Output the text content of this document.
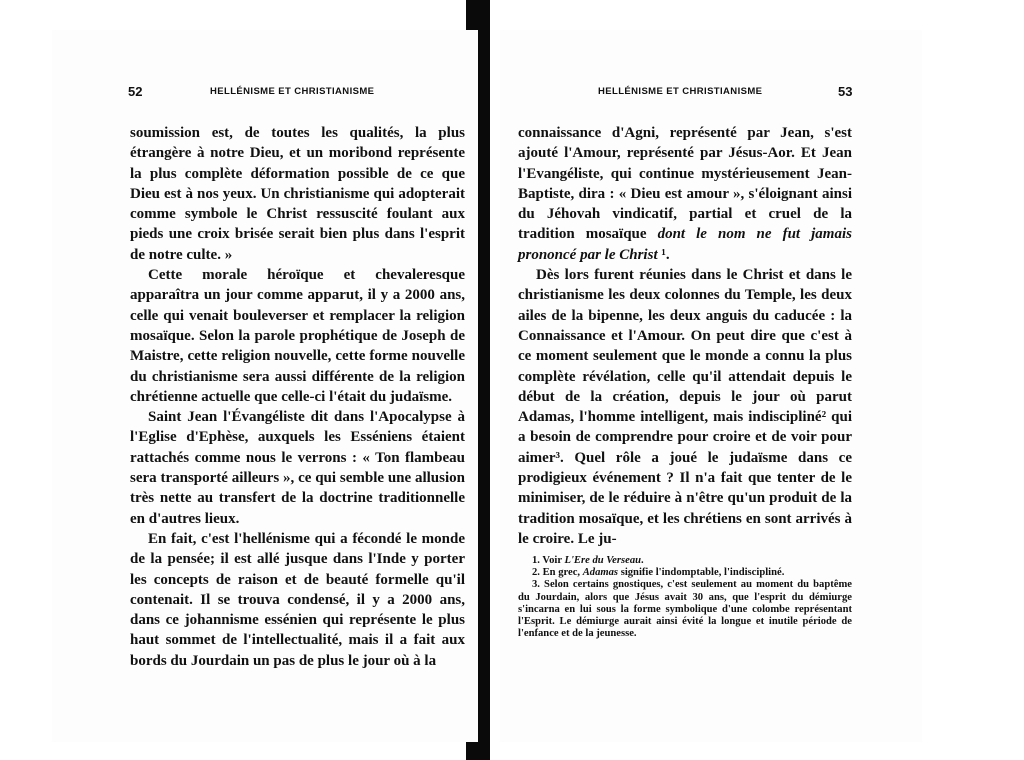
52	HELLÉNISME ET CHRISTIANISME

soumission est, de toutes les qualités, la plus étrangère à notre Dieu, et un moribond représente la plus complète déformation possible de ce que Dieu est à nos yeux. Un christianisme qui adopterait comme symbole le Christ ressuscité foulant aux pieds une croix brisée serait bien plus dans l'esprit de notre culte. »

Cette morale héroïque et chevaleresque apparaîtra un jour comme apparut, il y a 2000 ans, celle qui venait bouleverser et remplacer la religion mosaïque. Selon la parole prophétique de Joseph de Maistre, cette religion nouvelle, cette forme nouvelle du christianisme sera aussi différente de la religion chrétienne actuelle que celle-ci l'était du judaïsme.

Saint Jean l'Évangéliste dit dans l'Apocalypse à l'Eglise d'Ephèse, auxquels les Esséniens étaient rattachés comme nous le verrons : « Ton flambeau sera transporté ailleurs », ce qui semble une allusion très nette au transfert de la doctrine traditionnelle en d'autres lieux.

En fait, c'est l'hellénisme qui a fécondé le monde de la pensée; il est allé jusque dans l'Inde y porter les concepts de raison et de beauté formelle qu'il contenait. Il se trouva condensé, il y a 2000 ans, dans ce johannisme essénien qui représente le plus haut sommet de l'intellectualité, mais il a fait aux bords du Jourdain un pas de plus le jour où à la

HELLÉNISME ET CHRISTIANISME	53

connaissance d'Agni, représenté par Jean, s'est ajouté l'Amour, représenté par Jésus-Aor. Et Jean l'Evangéliste, qui continue mystérieusement Jean-Baptiste, dira : « Dieu est amour », s'éloignant ainsi du Jéhovah vindicatif, partial et cruel de la tradition mosaïque dont le nom ne fut jamais prononcé par le Christ ¹.

Dès lors furent réunies dans le Christ et dans le christianisme les deux colonnes du Temple, les deux ailes de la bipenne, les deux anguis du caducée : la Connaissance et l'Amour. On peut dire que c'est à ce moment seulement que le monde a connu la plus complète révélation, celle qu'il attendait depuis le début de la création, depuis le jour où parut Adamas, l'homme intelligent, mais indiscipliné² qui a besoin de comprendre pour croire et de voir pour aimer³. Quel rôle a joué le judaïsme dans ce prodigieux événement ? Il n'a fait que tenter de le minimiser, de le réduire à n'être qu'un produit de la tradition mosaïque, et les chrétiens en sont arrivés à le croire. Le ju-

1. Voir L'Ere du Verseau.

2. En grec, Adamas signifie l'indomptable, l'indiscipliné.

3. Selon certains gnostiques, c'est seulement au moment du baptême du Jourdain, alors que Jésus avait 30 ans, que l'esprit du démiurge s'incarna en lui sous la forme symbolique d'une colombe représentant l'Esprit. Le démiurge aurait ainsi évité la longue et inutile période de l'enfance et de la jeunesse.
